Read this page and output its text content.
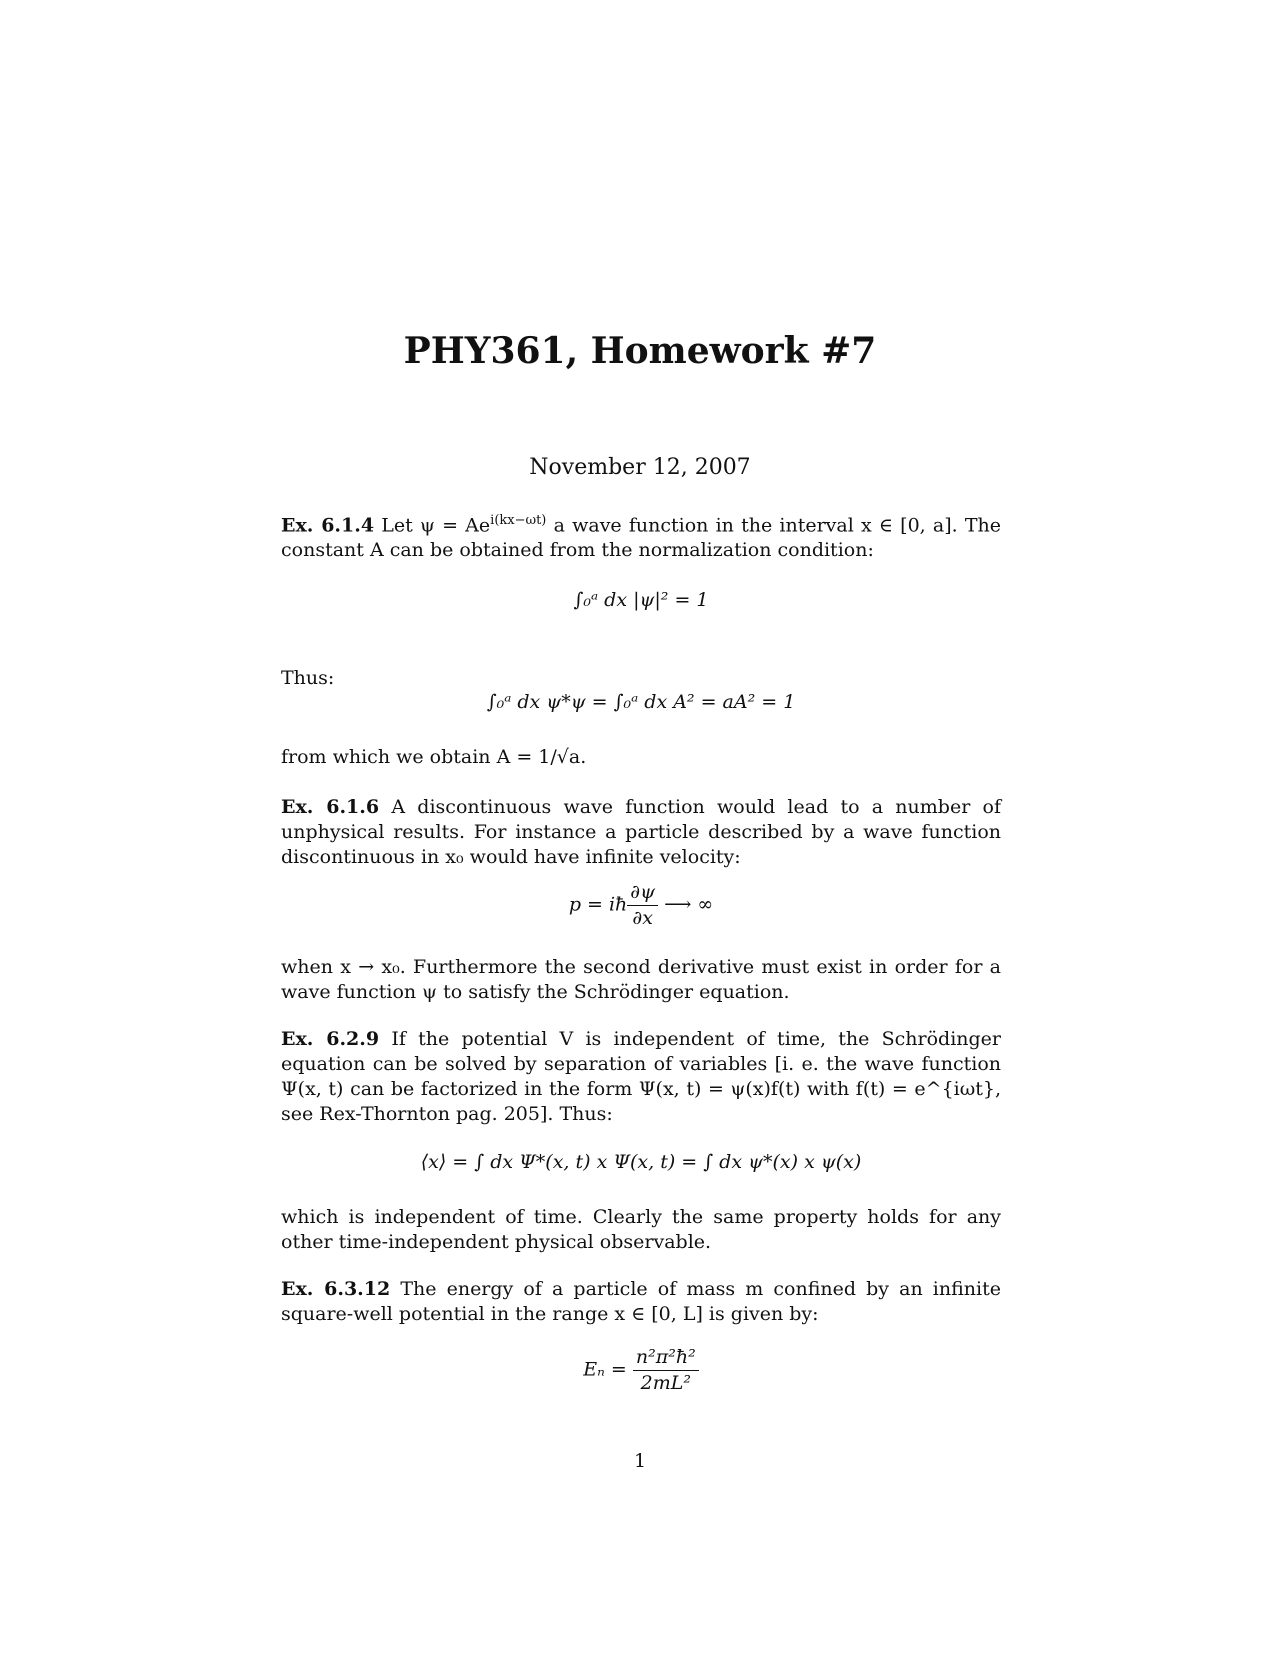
PHY361, Homework #7
November 12, 2007
Ex. 6.1.4 Let $\psi = Ae^{i(kx-\omega t)}$ a wave function in the interval x ∈ [0, a]. The constant A can be obtained from the normalization condition:
∫₀ᵃ dx |ψ|² = 1
Thus:
∫₀ᵃ dx ψ*ψ = ∫₀ᵃ dx A² = aA² = 1
from which we obtain A = 1/√a.
Ex. 6.1.6 A discontinuous wave function would lead to a number of unphysical results. For instance a particle described by a wave function discontinuous in x₀ would have infinite velocity:
p = iħ $\frac{\partial\psi}{\partial x}$ ⟶ ∞
when x → x₀. Furthermore the second derivative must exist in order for a wave function ψ to satisfy the Schrödinger equation.
Ex. 6.2.9 If the potential V is independent of time, the Schrödinger equation can be solved by separation of variables [i. e. the wave function Ψ(x, t) can be factorized in the form Ψ(x, t) = ψ(x)f(t) with f(t) = e^{iωt}, see Rex-Thornton pag. 205]. Thus:
⟨x⟩ = ∫ dx Ψ*(x, t) x Ψ(x, t) = ∫ dx ψ*(x) x ψ(x)
which is independent of time. Clearly the same property holds for any other time-independent physical observable.
Ex. 6.3.12 The energy of a particle of mass m confined by an infinite square-well potential in the range x ∈ [0, L] is given by:
$E_n = \frac{\text{n²π²ħ²}}{\text{2mL²}}$
1
